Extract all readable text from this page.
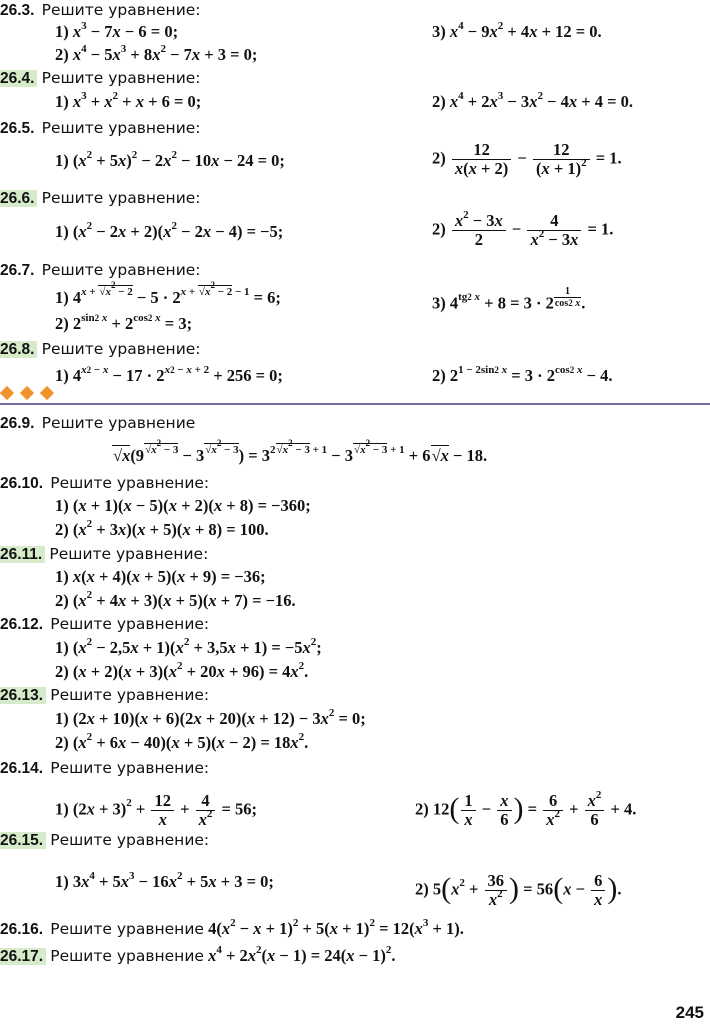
26.3. Решите уравнение:
1) $x^3 - 7x - 6 = 0$;	3) $x^4 - 9x^2 + 4x + 12 = 0$.
2) $x^4 - 5x^3 + 8x^2 - 7x + 3 = 0$;
26.4. Решите уравнение:
1) $x^3 + x^2 + x + 6 = 0$;	2) $x^4 + 2x^3 - 3x^2 - 4x + 4 = 0$.
26.5. Решите уравнение:
1) $(x^2 + 5x)^2 - 2x^2 - 10x - 24 = 0$;	$2) \frac{12}{x(x + 2)} - \frac{12}{(x + 1)^2} = 1$.
26.6. Решите уравнение:
1) $(x^2 - 2x + 2)(x^2 - 2x - 4) = -5$;	$2) \frac{x^2 - 3x}{2} - \frac{4}{x^2 - 3x} = 1$.
26.7. Решите уравнение:
1) $4^{x + √x^2 - 2} - 5 \cdot 2^{x + √x^2 - 2 - 1} = 6$;	3) $4^{tg2 x} + 8 = 3 \cdot 2$ $^{\frac{1}{\cos 2 x}}$ .
2) $2^{sin2 x} + 2^{cos2 x} = 3$;
26.8. Решите уравнение:
1) $4^{x2 - x} - 17 \cdot 2^{x2 - x + 2} + 256 = 0$;	2) $2^{1 - 2sin2 x} = 3 \cdot 2^{cos2 x} - 4$.
26.9. Решите уравнение
$√x(9^{√x^2 - 3} - 3^{√x^2 - 3}) = 3^{2√x^2 - 3 + 1} - 3^{√x^2 - 3 + 1} + 6√x - 18$.
26.10. Решите уравнение:
1) (x + 1)(x − 5)(x + 2)(x + 8) = −360;
2) $(x^2 + 3x)(x + 5)(x + 8) = 100$.
26.11. Решите уравнение:
1) x(x + 4)(x + 5)(x + 9) = −36;
2) $(x^2 + 4x + 3)(x + 5)(x + 7) = -16$.
26.12. Решите уравнение:
1) $(x^2 - 2,5x + 1)(x^2 + 3,5x + 1) = -5x^2$;
2) $(x + 2)(x + 3)(x^2 + 20x + 96) = 4x^2$.
26.13. Решите уравнение:
1) $(2x + 10)(x + 6)(2x + 20)(x + 12) - 3x^2 = 0$;
2) $(x^2 + 6x - 40)(x + 5)(x - 2) = 18x^2$.
26.14. Решите уравнение:
1) $(2x + 3)^2 + \frac{12}{x} + \frac{4}{x^2} = 56$;	2) $12( \frac{1}{x} - \frac{x}{6}$ ) = $\frac{6}{x^2} + \frac{x^2}{6} + 4$.
26.15. Решите уравнение:
1) $3x^4 + 5x^3 - 16x^2 + 5x + 3 = 0$;	2) $5(x^2 + \frac{36}{x^2}$ ) = $56(x - \frac{6}{x}$ ).
26.16. Решите уравнение $4(x^2 - x + 1)^2 + 5(x + 1)^2 = 12(x^3 + 1)$.
26.17. Решите уравнение $x^4 + 2x^2(x - 1) = 24(x - 1)^2$.
245
